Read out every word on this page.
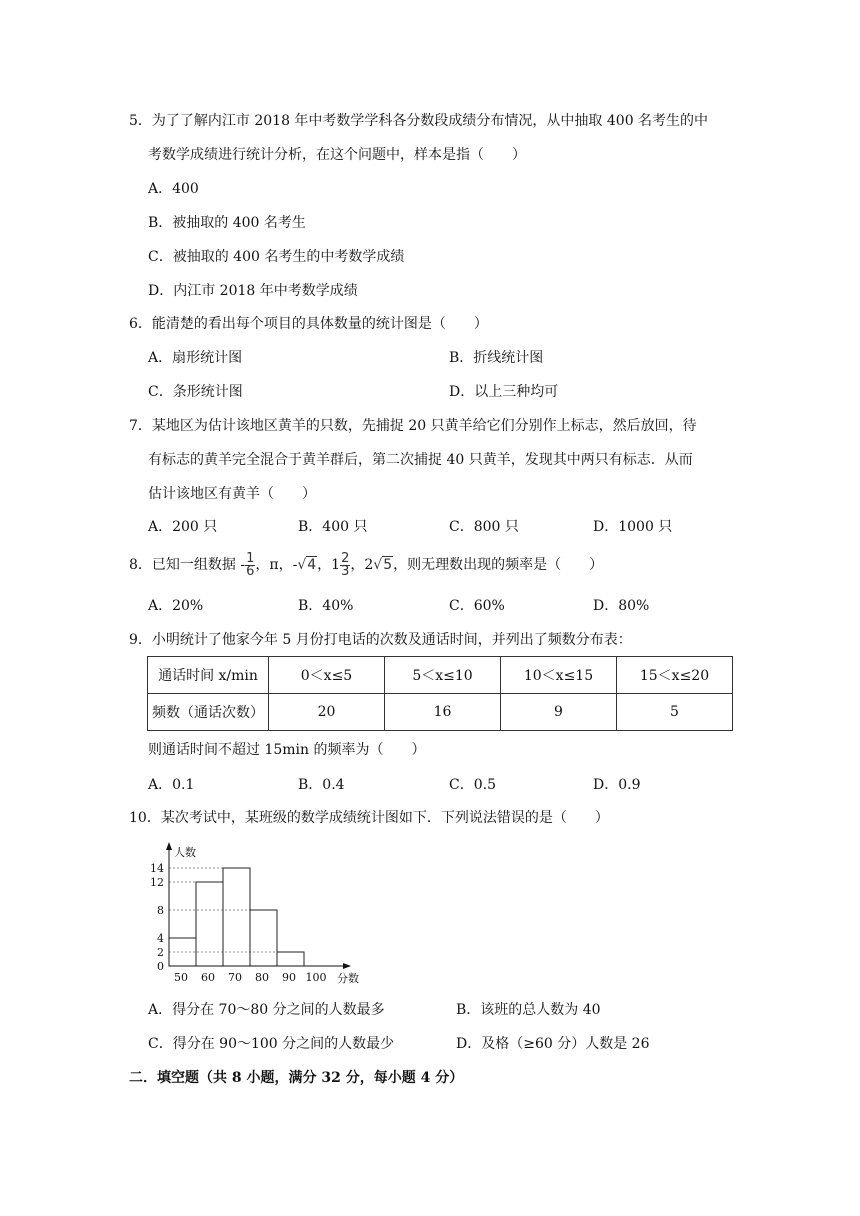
5．为了了解内江市 2018 年中考数学学科各分数段成绩分布情况，从中抽取 400 名考生的中
考数学成绩进行统计分析，在这个问题中，样本是指（　　）
A．400
B．被抽取的 400 名考生
C．被抽取的 400 名考生的中考数学成绩
D．内江市 2018 年中考数学成绩
6．能清楚的看出每个项目的具体数量的统计图是（　　）
A．扇形统计图	B．折线统计图
C．条形统计图	D．以上三种均可
7．某地区为估计该地区黄羊的只数，先捕捉 20 只黄羊给它们分别作上标志，然后放回，待
有标志的黄羊完全混合于黄羊群后，第二次捕捉 40 只黄羊，发现其中两只有标志．从而
估计该地区有黄羊（　　）
A．200 只	B．400 只	C．800 只	D．1000 只
8．已知一组数据 - $\frac{1}{6}$ ，π，-√4，$1 \frac{2}{3}$ ，2√5，则无理数出现的频率是（　　）
A．20%	B．40%	C．60%	D．80%
9．小明统计了他家今年 5 月份打电话的次数及通话时间，并列出了频数分布表：
通话时间 x/min	0＜x≤5	5＜x≤10	10＜x≤15	15＜x≤20
频数（通话次数）	20	16	9	5
则通话时间不超过 15min 的频率为（　　）
A．0.1	B．0.4	C．0.5	D．0.9
10．某次考试中，某班级的数学成绩统计图如下．下列说法错误的是（　　）
0
2
4
8
12
14
50 60 70 80 90 100
人数
分数
A．得分在 70～80 分之间的人数最多	B．该班的总人数为 40
C．得分在 90～100 分之间的人数最少	D．及格（≥60 分）人数是 26
二．填空题（共 8 小题，满分 32 分，每小题 4 分）
